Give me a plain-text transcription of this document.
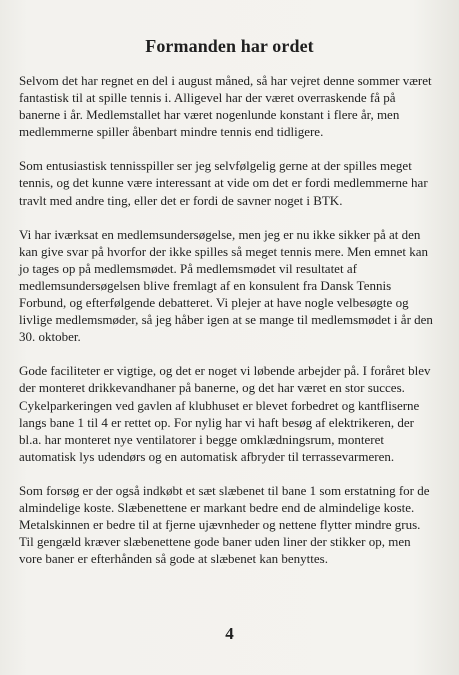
Formanden har ordet

Selvom det har regnet en del i august måned, så har vejret denne sommer været fantastisk til at spille tennis i. Alligevel har der været overraskende få på banerne i år. Medlemstallet har været nogenlunde konstant i flere år, men medlemmerne spiller åbenbart mindre tennis end tidligere.

Som entusiastisk tennisspiller ser jeg selvfølgelig gerne at der spilles meget tennis, og det kunne være interessant at vide om det er fordi medlemmerne har travlt med andre ting, eller det er fordi de savner noget i BTK.

Vi har iværksat en medlemsundersøgelse, men jeg er nu ikke sikker på at den kan give svar på hvorfor der ikke spilles så meget tennis mere. Men emnet kan jo tages op på medlemsmødet. På medlemsmødet vil resultatet af medlemsundersøgelsen blive fremlagt af en konsulent fra Dansk Tennis Forbund, og efterfølgende debatteret. Vi plejer at have nogle velbesøgte og livlige medlemsmøder, så jeg håber igen at se mange til medlemsmødet i år den 30. oktober.

Gode faciliteter er vigtige, og det er noget vi løbende arbejder på. I foråret blev der monteret drikkevandhaner på banerne, og det har været en stor succes. Cykelparkeringen ved gavlen af klubhuset er blevet forbedret og kantfliserne langs bane 1 til 4 er rettet op. For nylig har vi haft besøg af elektrikeren, der bl.a. har monteret nye ventilatorer i begge omklædningsrum, monteret automatisk lys udendørs og en automatisk afbryder til terrassevarmeren.

Som forsøg er der også indkøbt et sæt slæbenet til bane 1 som erstatning for de almindelige koste. Slæbenettene er markant bedre end de almindelige koste. Metalskinnen er bedre til at fjerne ujævnheder og nettene flytter mindre grus. Til gengæld kræver slæbenettene gode baner uden liner der stikker op, men vore baner er efterhånden så gode at slæbenet kan benyttes.

4
